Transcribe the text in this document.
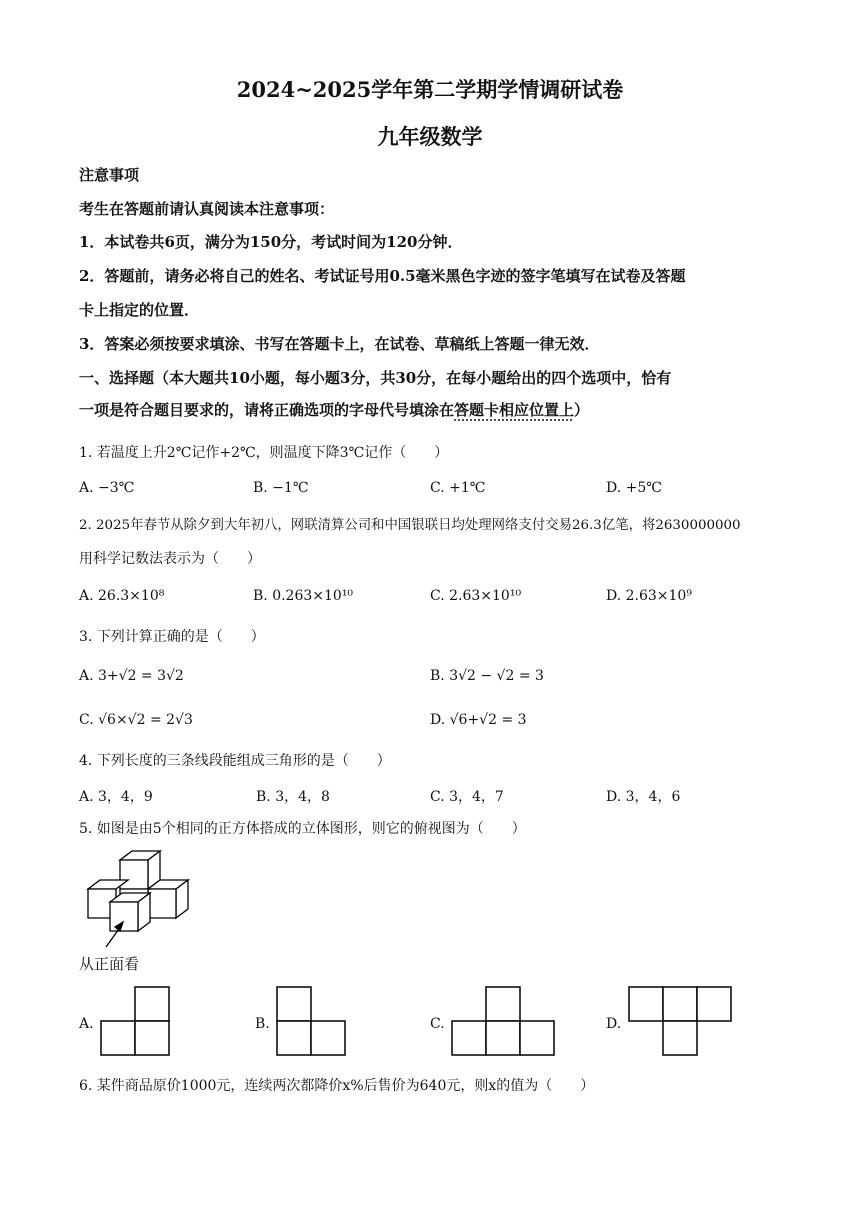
2024~2025学年第二学期学情调研试卷
九年级数学
注意事项
考生在答题前请认真阅读本注意事项：
1．本试卷共6页，满分为150分，考试时间为120分钟．
2．答题前，请务必将自己的姓名、考试证号用0.5毫米黑色字迹的签字笔填写在试卷及答题
卡上指定的位置．
3．答案必须按要求填涂、书写在答题卡上，在试卷、草稿纸上答题一律无效．
一、选择题（本大题共10小题，每小题3分，共30分，在每小题给出的四个选项中，恰有
一项是符合题目要求的，请将正确选项的字母代号填涂在答题卡相应位置上）
1. 若温度上升2℃记作+2℃，则温度下降3℃记作（　　）
A. −3℃	B. −1℃	C. +1℃	D. +5℃
2. 2025年春节从除夕到大年初八，网联清算公司和中国银联日均处理网络支付交易26.3亿笔，将2630000000
用科学记数法表示为（　　）
A. 26.3×10⁸	B. 0.263×10¹⁰	C. 2.63×10¹⁰	D. 2.63×10⁹
3. 下列计算正确的是（　　）
A. 3+√2 = 3√2	B. 3√2 − √2 = 3
C. √6×√2 = 2√3	D. √6+√2 = 3
4. 下列长度的三条线段能组成三角形的是（　　）
A. 3，4，9	B. 3，4，8	C. 3，4，7	D. 3，4，6
5. 如图是由5个相同的正方体搭成的立体图形，则它的俯视图为（　　）
从正面看
A.	B.	C.	D.
6. 某件商品原价1000元，连续两次都降价x%后售价为640元，则x的值为（　　）
